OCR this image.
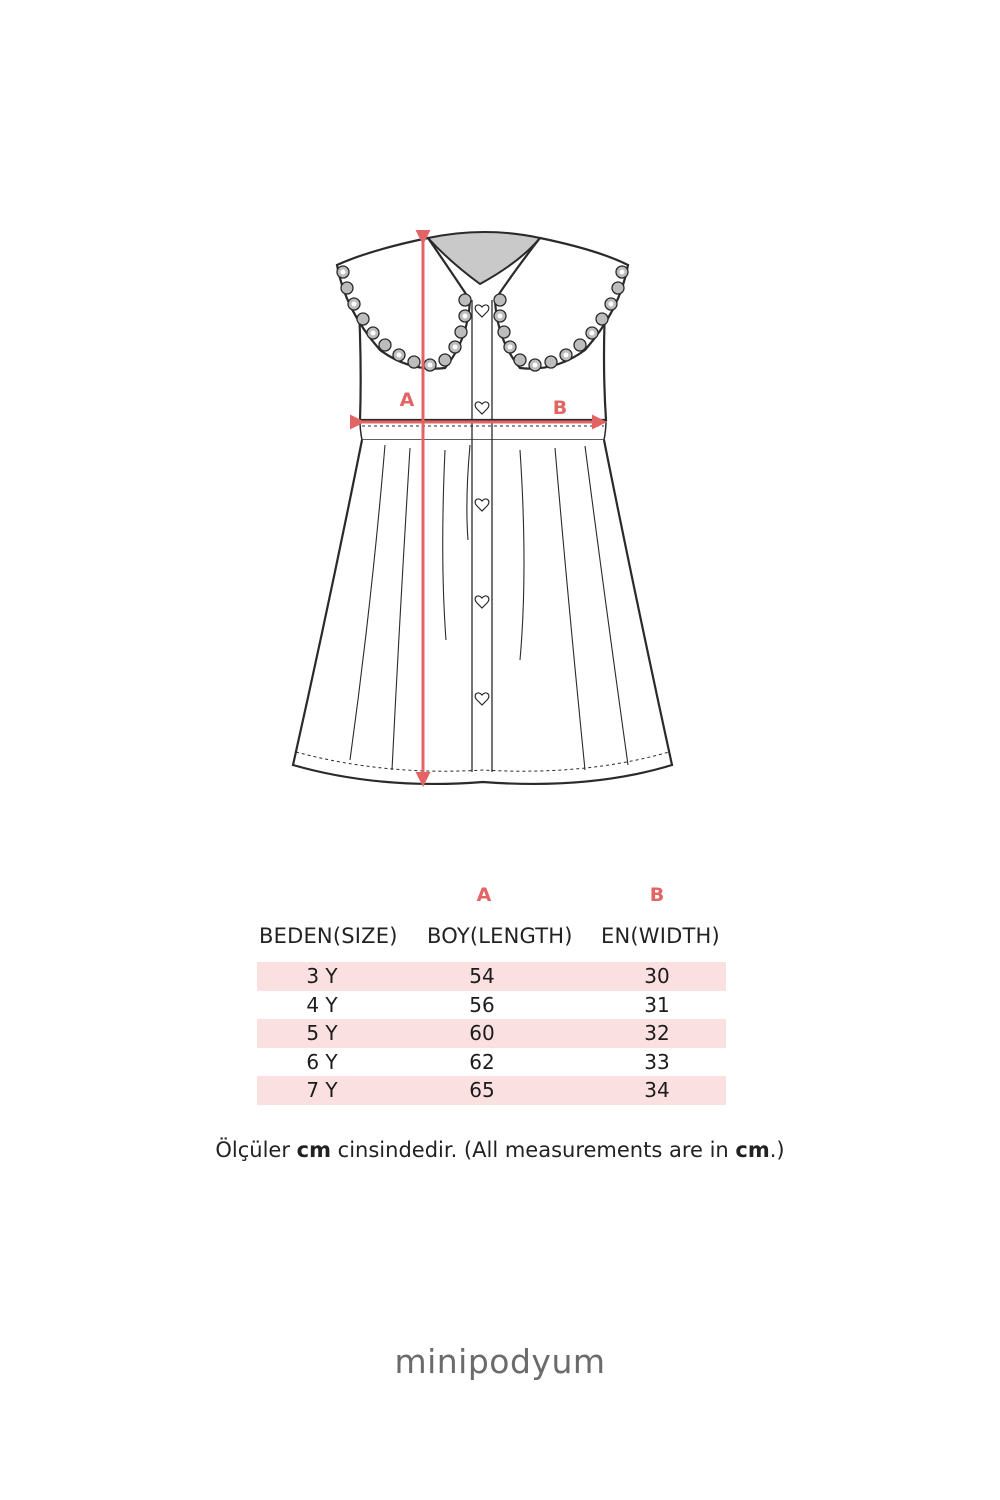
A	B
A	B
BEDEN(SIZE) BOY(LENGTH) EN(WIDTH)
3 Y	54	30
4 Y	56	31
5 Y	60	32
6 Y	62	33
7 Y	65	34
Ölçüler cm cinsindedir. (All measurements are in cm.)
minipodyum
